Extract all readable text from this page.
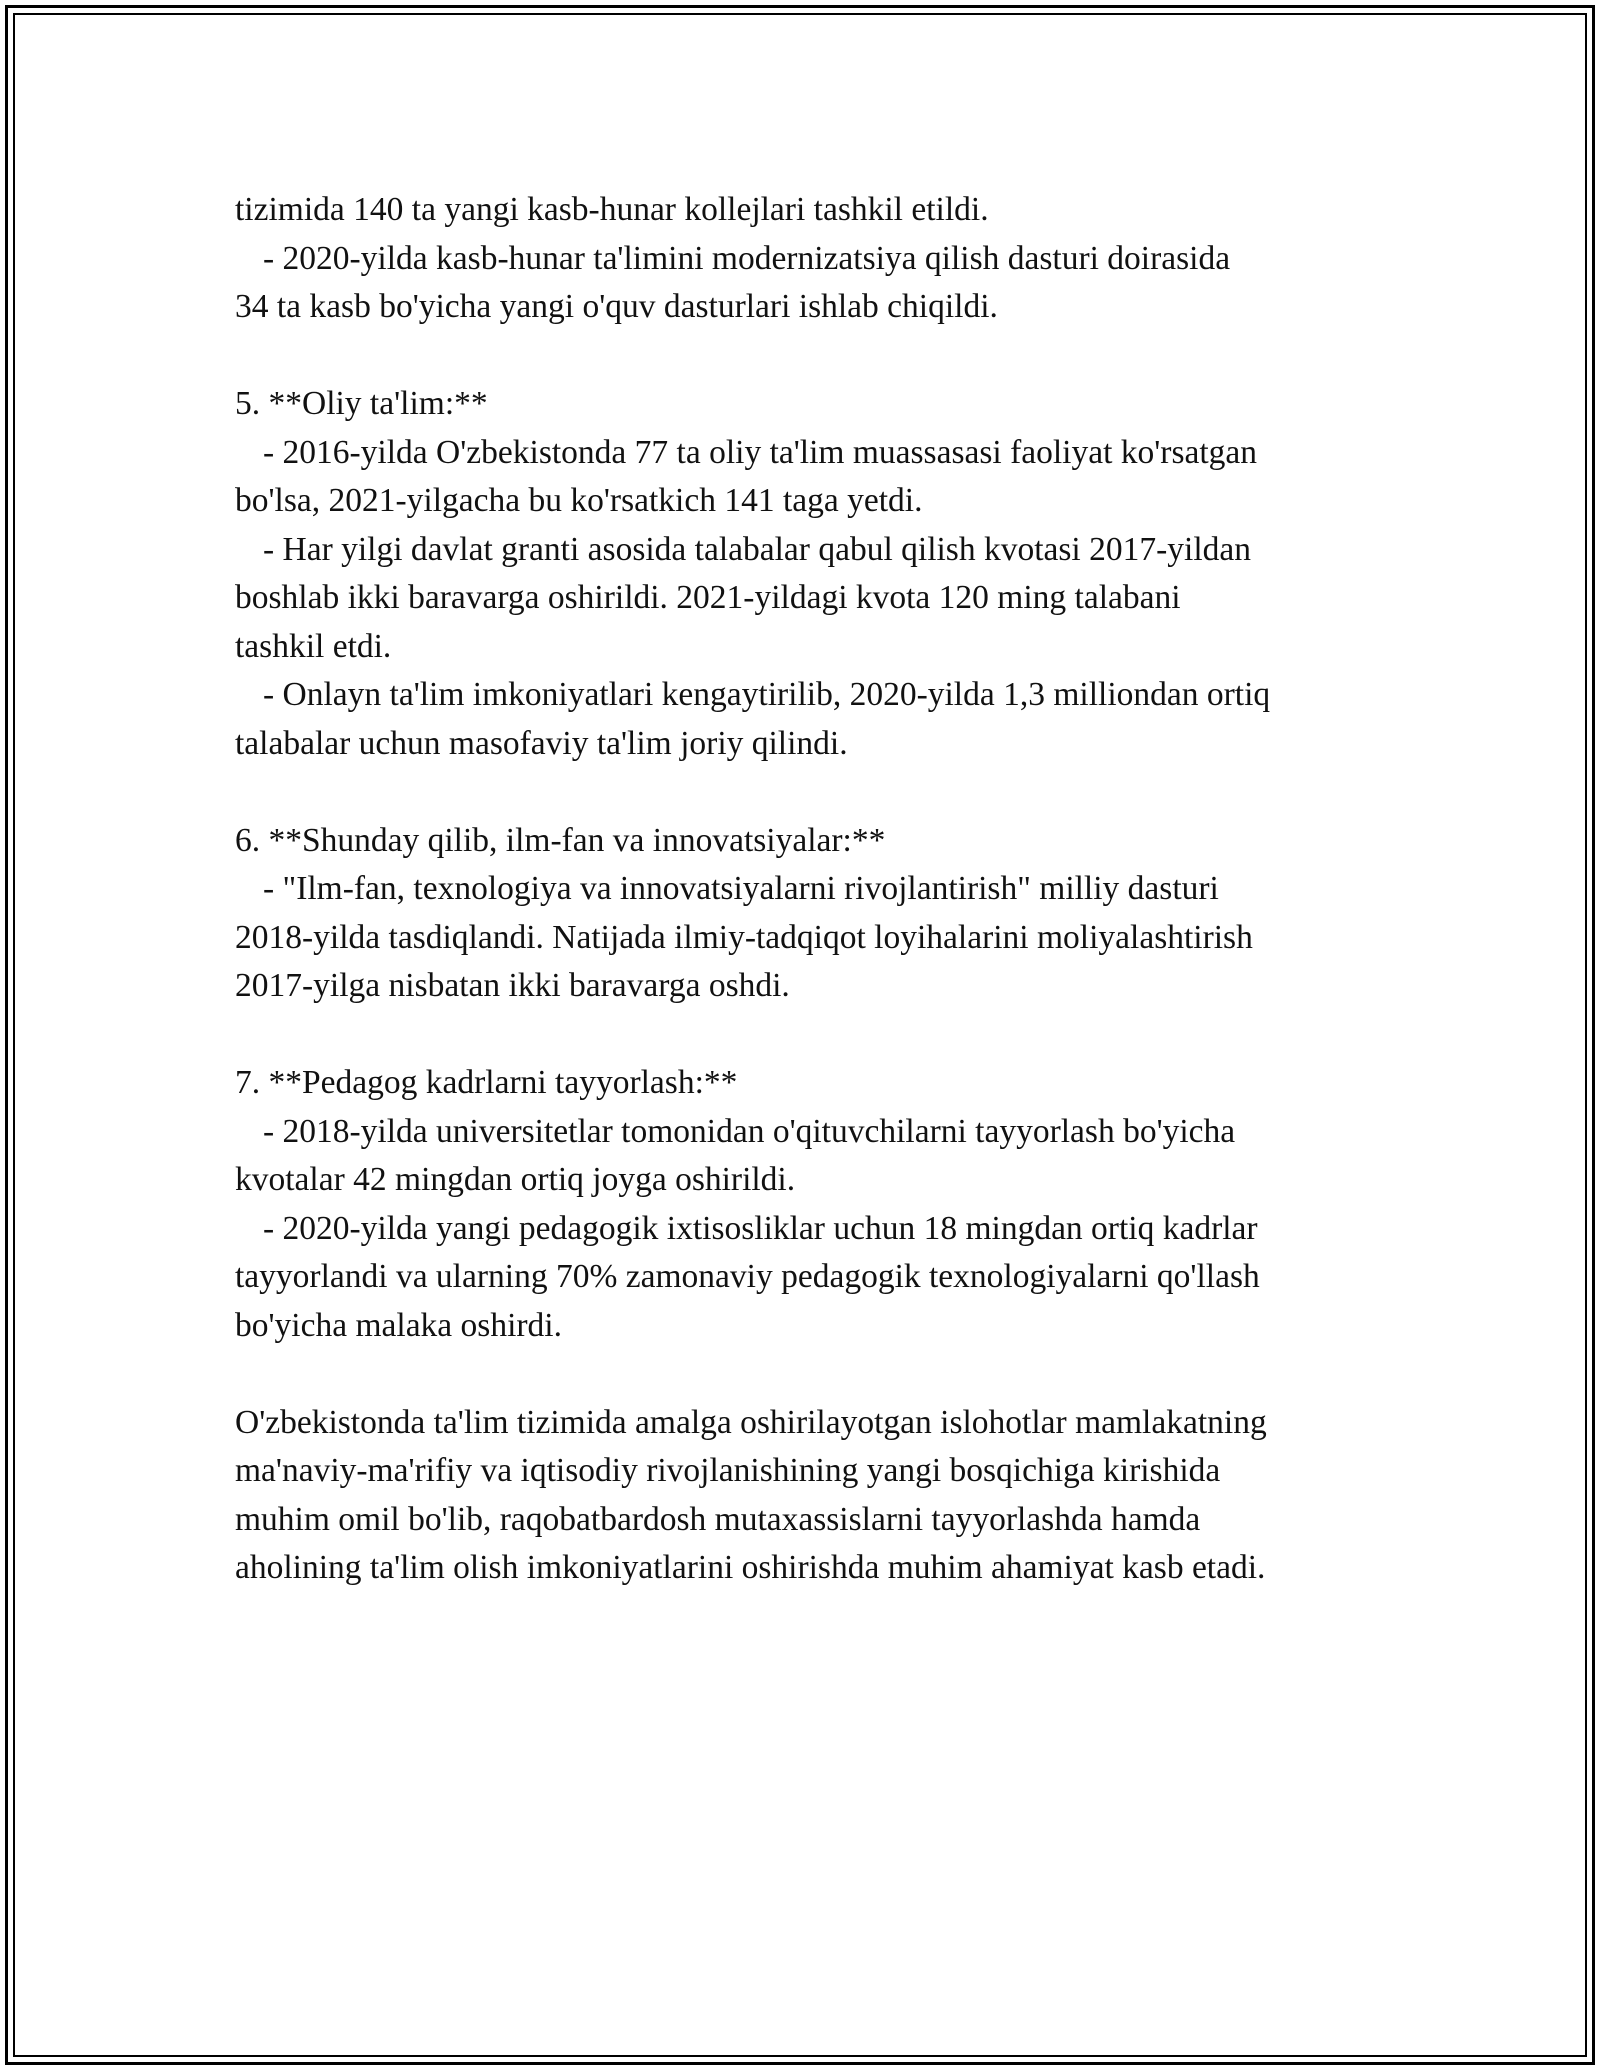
tizimida 140 ta yangi kasb-hunar kollejlari tashkil etildi.
- 2020-yilda kasb-hunar ta'limini modernizatsiya qilish dasturi doirasida
34 ta kasb bo'yicha yangi o'quv dasturlari ishlab chiqildi.
5. **Oliy ta'lim:**
- 2016-yilda O'zbekistonda 77 ta oliy ta'lim muassasasi faoliyat ko'rsatgan
bo'lsa, 2021-yilgacha bu ko'rsatkich 141 taga yetdi.
- Har yilgi davlat granti asosida talabalar qabul qilish kvotasi 2017-yildan
boshlab ikki baravarga oshirildi. 2021-yildagi kvota 120 ming talabani
tashkil etdi.
- Onlayn ta'lim imkoniyatlari kengaytirilib, 2020-yilda 1,3 milliondan ortiq
talabalar uchun masofaviy ta'lim joriy qilindi.
6. **Shunday qilib, ilm-fan va innovatsiyalar:**
- "Ilm-fan, texnologiya va innovatsiyalarni rivojlantirish" milliy dasturi
2018-yilda tasdiqlandi. Natijada ilmiy-tadqiqot loyihalarini moliyalashtirish
2017-yilga nisbatan ikki baravarga oshdi.
7. **Pedagog kadrlarni tayyorlash:**
- 2018-yilda universitetlar tomonidan o'qituvchilarni tayyorlash bo'yicha
kvotalar 42 mingdan ortiq joyga oshirildi.
- 2020-yilda yangi pedagogik ixtisosliklar uchun 18 mingdan ortiq kadrlar
tayyorlandi va ularning 70% zamonaviy pedagogik texnologiyalarni qo'llash
bo'yicha malaka oshirdi.
O'zbekistonda ta'lim tizimida amalga oshirilayotgan islohotlar mamlakatning
ma'naviy-ma'rifiy va iqtisodiy rivojlanishining yangi bosqichiga kirishida
muhim omil bo'lib, raqobatbardosh mutaxassislarni tayyorlashda hamda
aholining ta'lim olish imkoniyatlarini oshirishda muhim ahamiyat kasb etadi.
